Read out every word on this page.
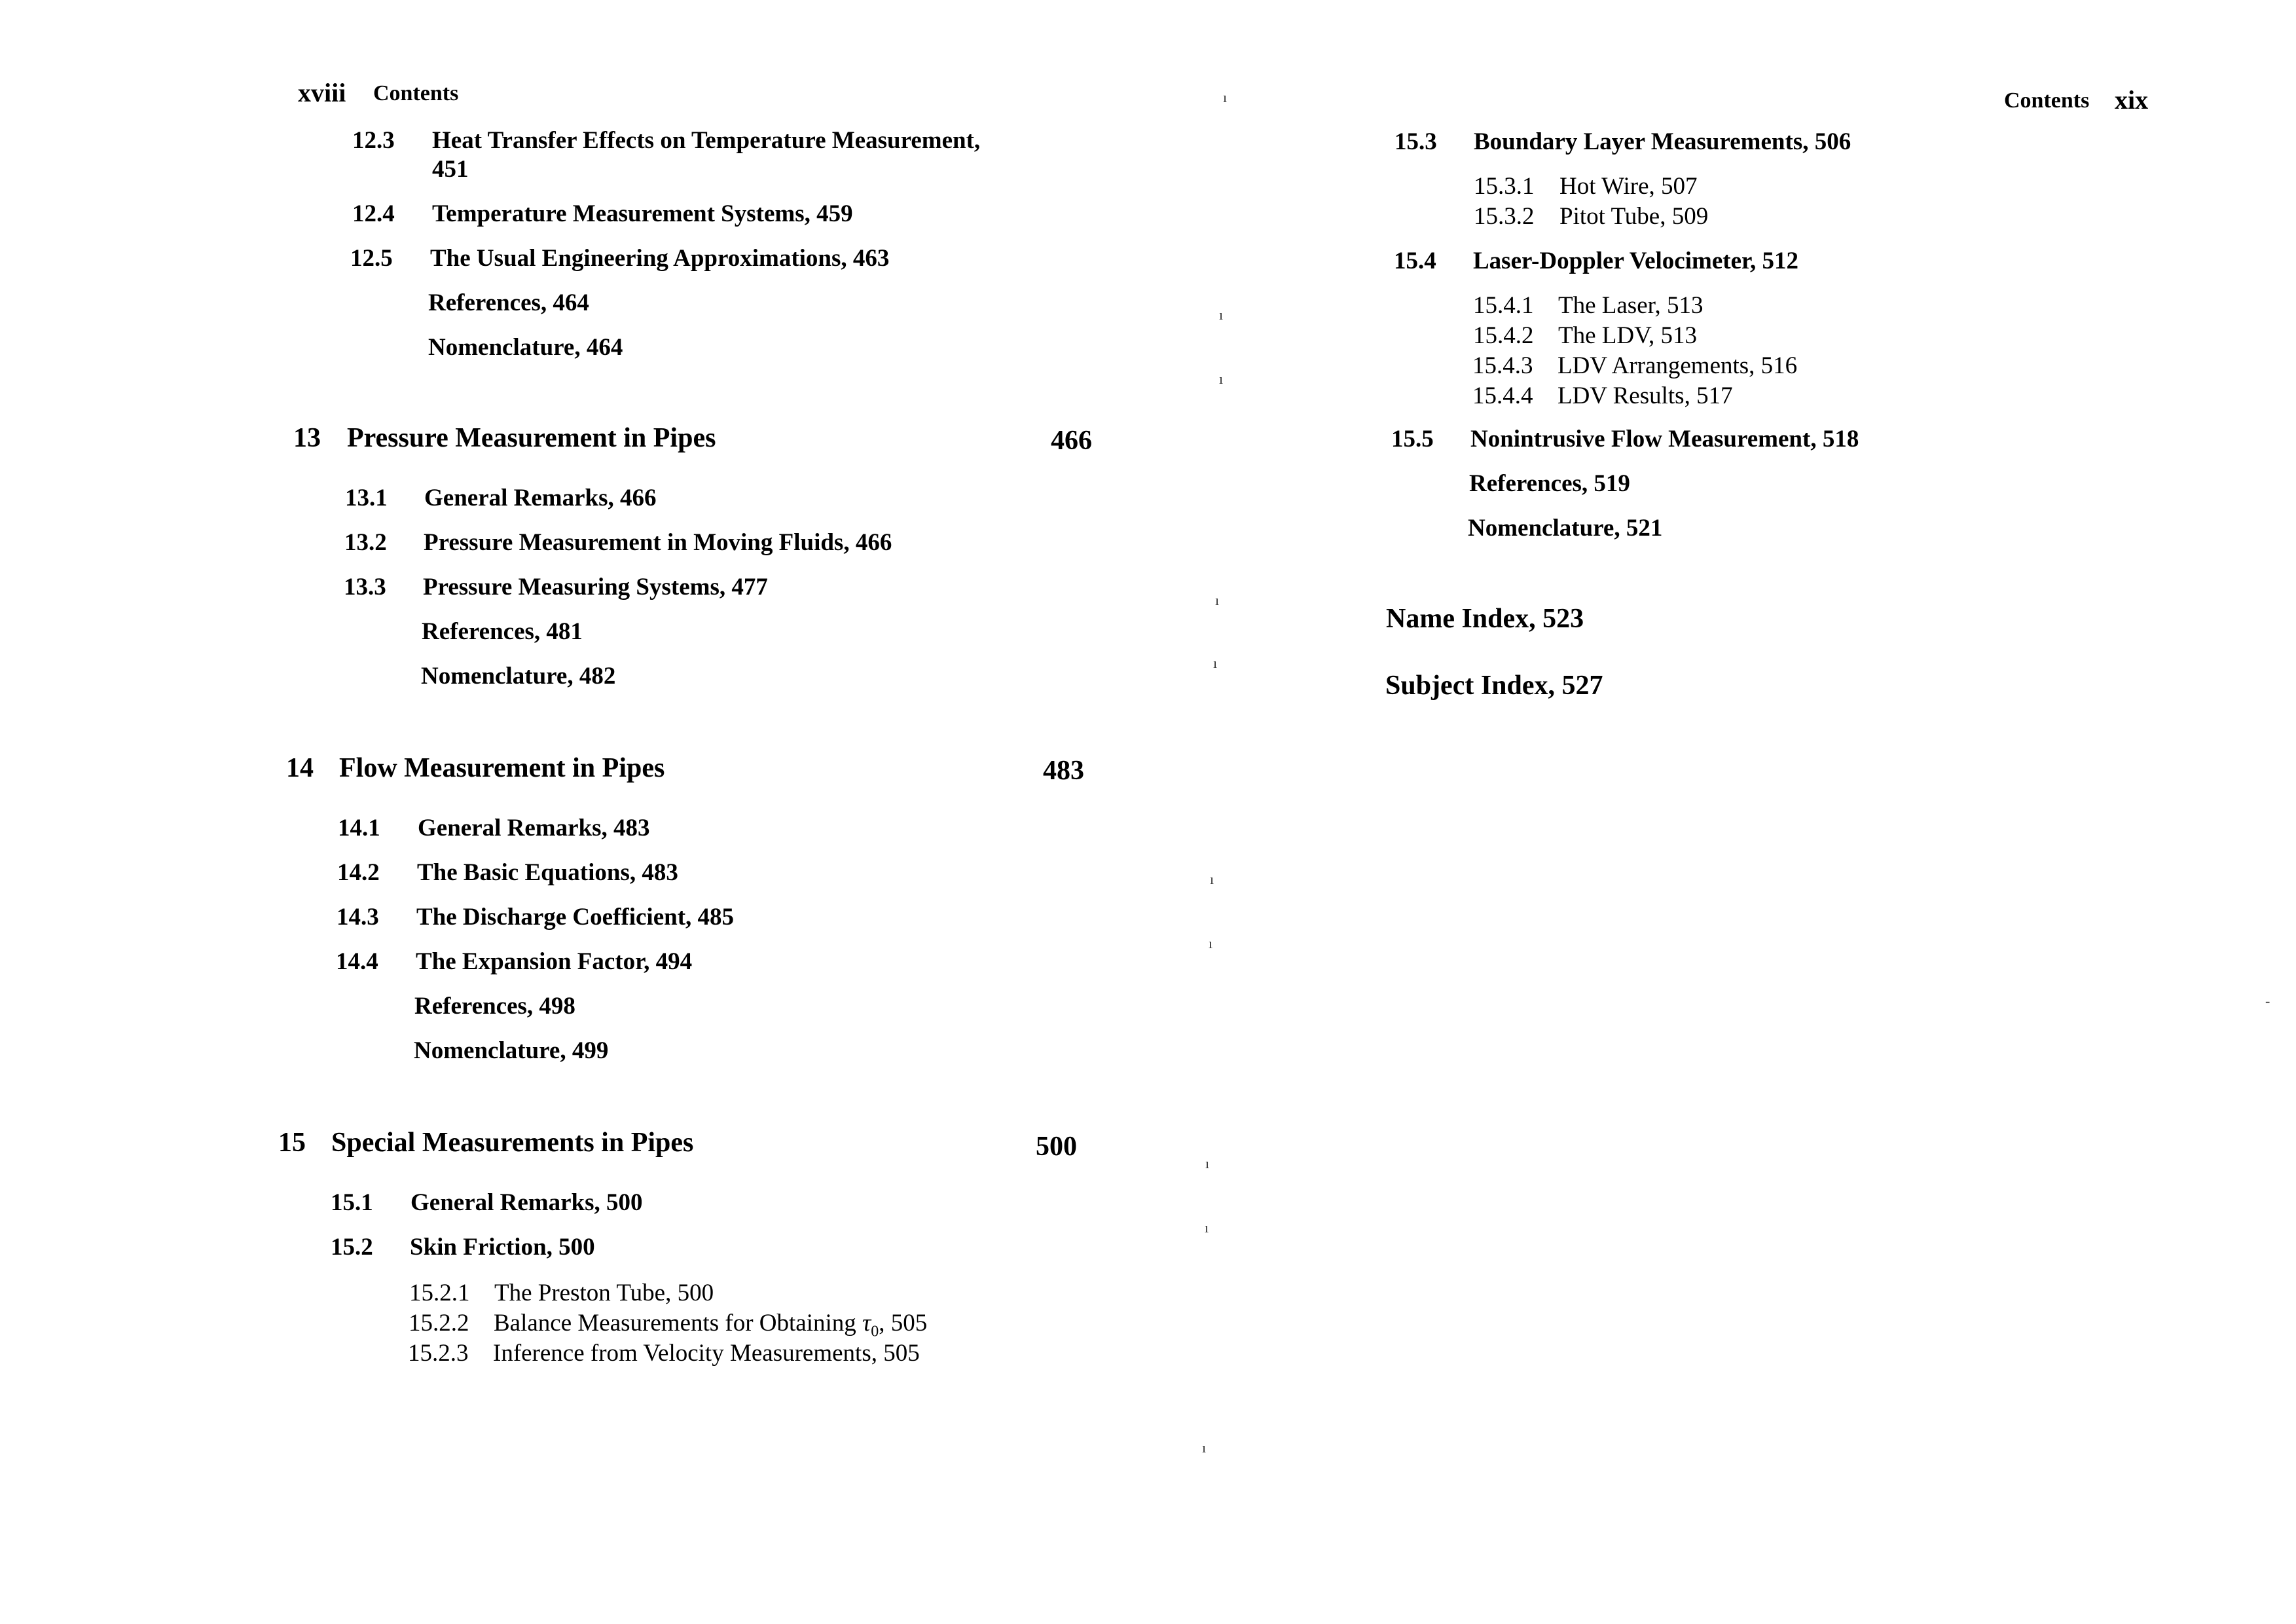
xviii Contents
12.3 Heat Transfer Effects on Temperature Measurement,
451
12.4 Temperature Measurement Systems, 459
12.5 The Usual Engineering Approximations, 463
References, 464
Nomenclature, 464
13 Pressure Measurement in Pipes	466
13.1 General Remarks, 466
13.2 Pressure Measurement in Moving Fluids, 466
13.3 Pressure Measuring Systems, 477
References, 481
Nomenclature, 482
14 Flow Measurement in Pipes	483
14.1 General Remarks, 483
14.2 The Basic Equations, 483
14.3 The Discharge Coefficient, 485
14.4 The Expansion Factor, 494
References, 498
Nomenclature, 499
15 Special Measurements in Pipes	500
15.1 General Remarks, 500
15.2 Skin Friction, 500
15.2.1 The Preston Tube, 500
15.2.2 Balance Measurements for Obtaining $\tau_0$, 505
15.2.3 Inference from Velocity Measurements, 505
ı
ı
ı
ı
ı
ı
ı
ı
ı
ı
Contents xix
15.3 Boundary Layer Measurements, 506
15.3.1 Hot Wire, 507
15.3.2 Pitot Tube, 509
15.4 Laser-Doppler Velocimeter, 512
15.4.1 The Laser, 513
15.4.2 The LDV, 513
15.4.3 LDV Arrangements, 516
15.4.4 LDV Results, 517
15.5 Nonintrusive Flow Measurement, 518
References, 519
Nomenclature, 521
Name Index, 523
Subject Index, 527
-
